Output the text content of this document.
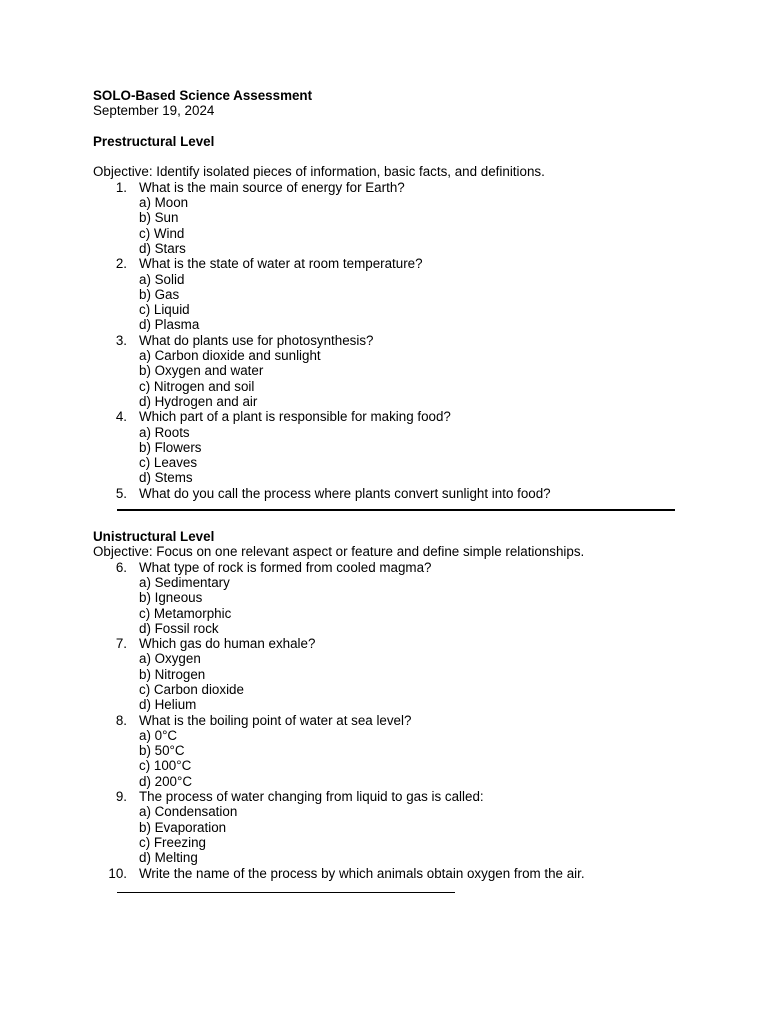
SOLO-Based Science Assessment
September 19, 2024
Prestructural Level
Objective: Identify isolated pieces of information, basic facts, and definitions.
1. What is the main source of energy for Earth?
a) Moon
b) Sun
c) Wind
d) Stars
2. What is the state of water at room temperature?
a) Solid
b) Gas
c) Liquid
d) Plasma
3. What do plants use for photosynthesis?
a) Carbon dioxide and sunlight
b) Oxygen and water
c) Nitrogen and soil
d) Hydrogen and air
4. Which part of a plant is responsible for making food?
a) Roots
b) Flowers
c) Leaves
d) Stems
5. What do you call the process where plants convert sunlight into food?
Unistructural Level
Objective: Focus on one relevant aspect or feature and define simple relationships.
6. What type of rock is formed from cooled magma?
a) Sedimentary
b) Igneous
c) Metamorphic
d) Fossil rock
7. Which gas do human exhale?
a) Oxygen
b) Nitrogen
c) Carbon dioxide
d) Helium
8. What is the boiling point of water at sea level?
a) 0°C
b) 50°C
c) 100°C
d) 200°C
9. The process of water changing from liquid to gas is called:
a) Condensation
b) Evaporation
c) Freezing
d) Melting
10. Write the name of the process by which animals obtain oxygen from the air.
